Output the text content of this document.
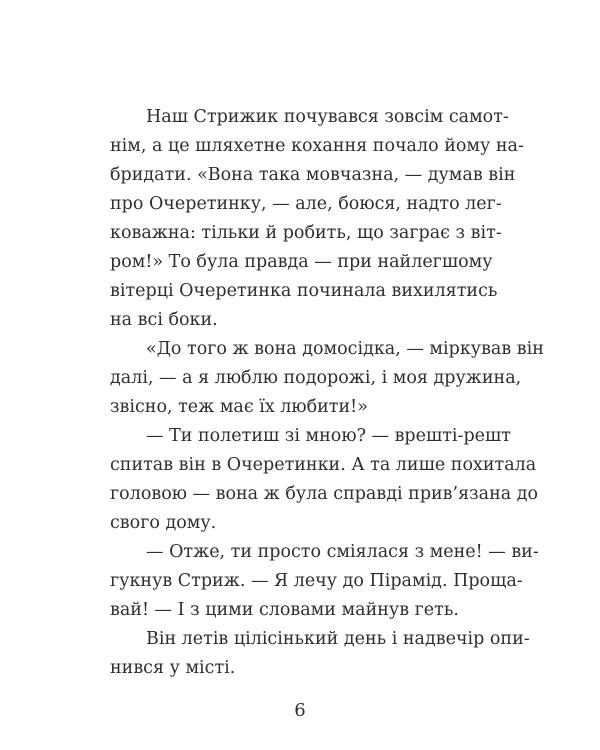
Наш Стрижик почувався зовсім самот-
нім, а це шляхетне кохання почало йому на-
бридати. «Вона така мовчазна, — думав він
про Очеретинку, — але, боюся, надто лег-
коважна: тільки й робить, що заграє з віт-
ром!» То була правда — при найлегшому
вітерці Очеретинка починала вихилятись
на всі боки.
«До того ж вона домосідка, — міркував він
далі, — а я люблю подорожі, і моя дружина,
звісно, теж має їх любити!»
— Ти полетиш зі мною? — врешті-решт
спитав він в Очеретинки. А та лише похитала
головою — вона ж була справді прив’язана до
свого дому.
— Отже, ти просто сміялася з мене! — ви-
гукнув Стриж. — Я лечу до Пірамід. Проща-
вай! — І з цими словами майнув геть.
Він летів цілісінький день і надвечір опи-
нився у місті.
6
